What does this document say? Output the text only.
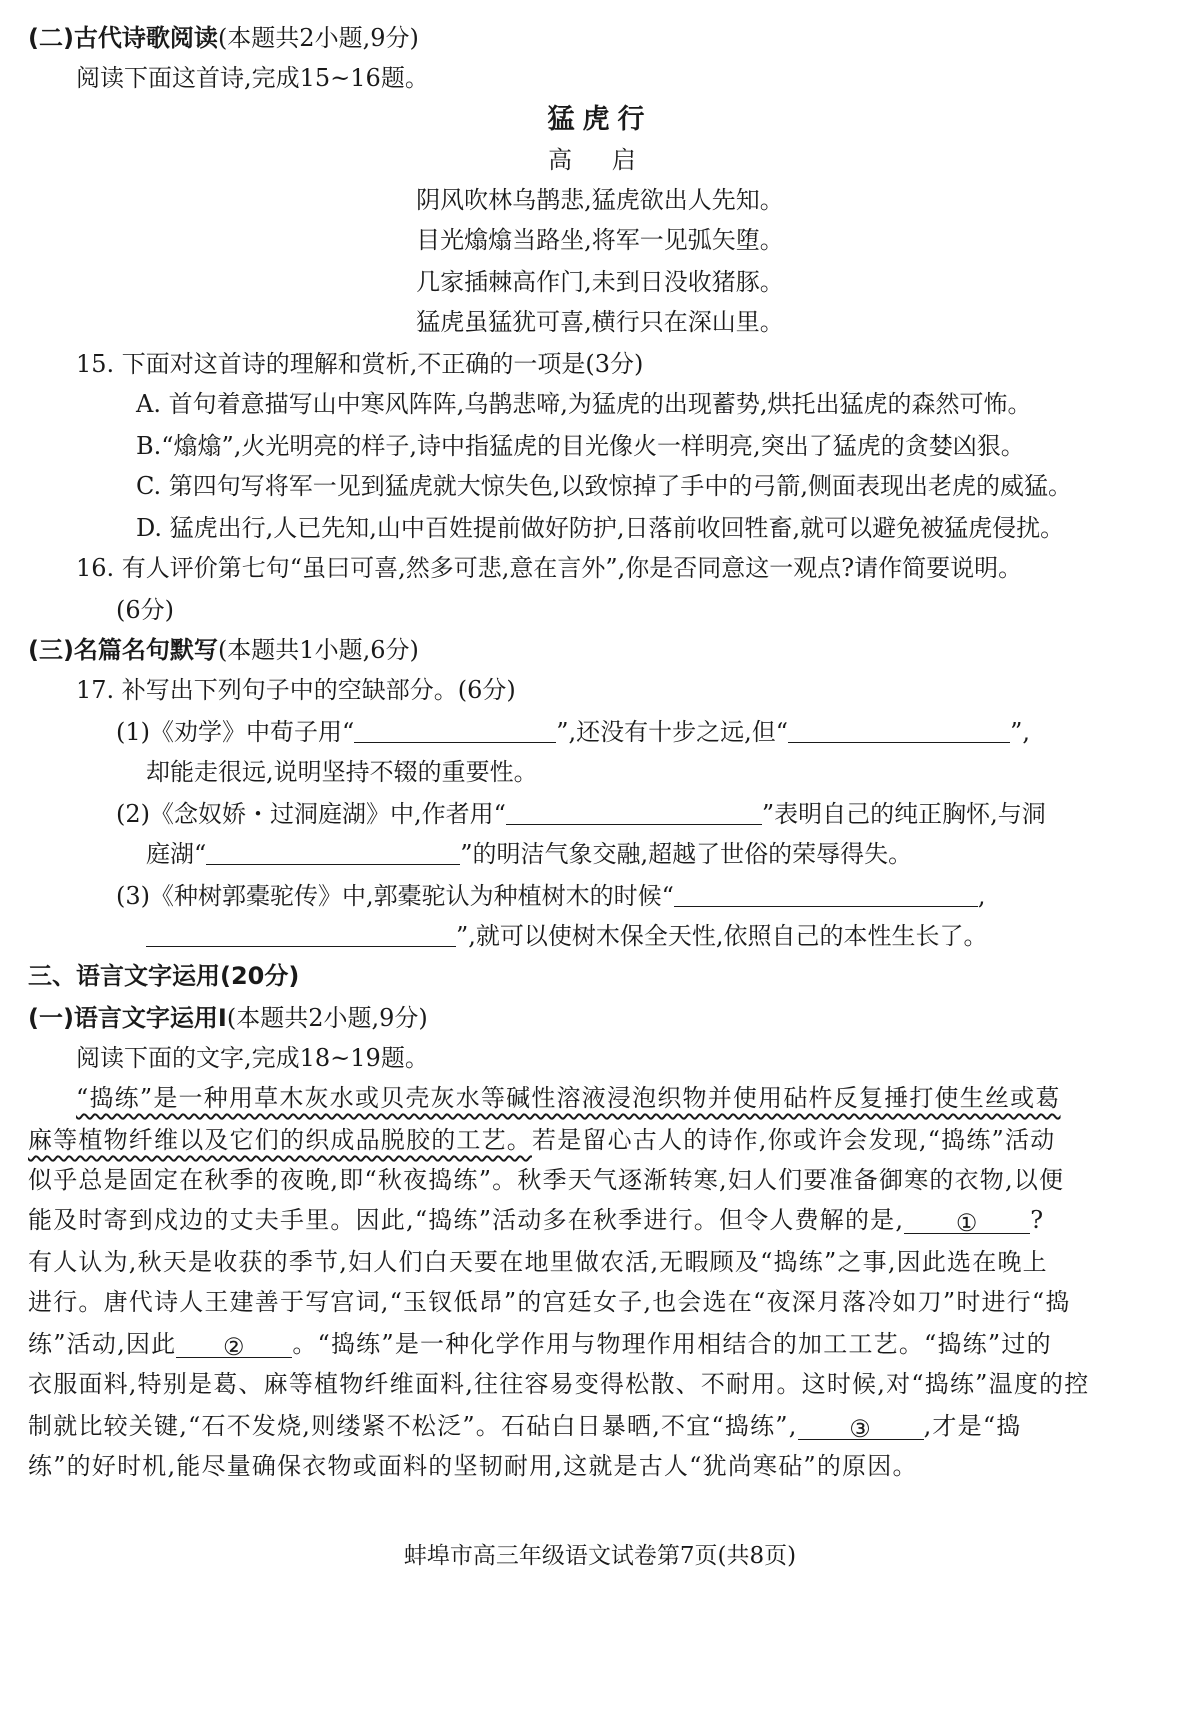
(二)古代诗歌阅读(本题共2小题,9分)
阅读下面这首诗,完成15~16题。
猛虎行
高 启
阴风吹林乌鹊悲,猛虎欲出人先知。
目光熻熻当路坐,将军一见弧矢堕。
几家插棘高作门,未到日没收猪豚。
猛虎虽猛犹可喜,横行只在深山里。
15. 下面对这首诗的理解和赏析,不正确的一项是(3分)
A. 首句着意描写山中寒风阵阵,乌鹊悲啼,为猛虎的出现蓄势,烘托出猛虎的森然可怖。
B.“熻熻”,火光明亮的样子,诗中指猛虎的目光像火一样明亮,突出了猛虎的贪婪凶狠。
C. 第四句写将军一见到猛虎就大惊失色,以致惊掉了手中的弓箭,侧面表现出老虎的威猛。
D. 猛虎出行,人已先知,山中百姓提前做好防护,日落前收回牲畜,就可以避免被猛虎侵扰。
16. 有人评价第七句“虽曰可喜,然多可悲,意在言外”,你是否同意这一观点?请作简要说明。
(6分)
(三)名篇名句默写(本题共1小题,6分)
17. 补写出下列句子中的空缺部分。(6分)
(1)《劝学》中荀子用“	”,还没有十步之远,但“	”,
却能走很远,说明坚持不辍的重要性。
(2)《念奴娇・过洞庭湖》中,作者用“	”表明自己的纯正胸怀,与洞
庭湖“	”的明洁气象交融,超越了世俗的荣辱得失。
(3)《种树郭橐驼传》中,郭橐驼认为种植树木的时候“	,
”,就可以使树木保全天性,依照自己的本性生长了。
三、语言文字运用(20分)
(一)语言文字运用Ⅰ(本题共2小题,9分)
阅读下面的文字,完成18~19题。
“捣练”是一种用草木灰水或贝壳灰水等碱性溶液浸泡织物并使用砧杵反复捶打使生丝或葛
麻等植物纤维以及它们的织成品脱胶的工艺。若是留心古人的诗作,你或许会发现,“捣练”活动
似乎总是固定在秋季的夜晚,即“秋夜捣练”。秋季天气逐渐转寒,妇人们要准备御寒的衣物,以便
能及时寄到戍边的丈夫手里。因此,“捣练”活动多在秋季进行。但令人费解的是, ① ?
有人认为,秋天是收获的季节,妇人们白天要在地里做农活,无暇顾及“捣练”之事,因此选在晚上
进行。唐代诗人王建善于写宫词,“玉钗低昂”的宫廷女子,也会选在“夜深月落冷如刀”时进行“捣
练”活动,因此 ② 。“捣练”是一种化学作用与物理作用相结合的加工工艺。“捣练”过的
衣服面料,特别是葛、麻等植物纤维面料,往往容易变得松散、不耐用。这时候,对“捣练”温度的控
制就比较关键,“石不发烧,则缕紧不松泛”。石砧白日暴晒,不宜“捣练”, ③ ,才是“捣
练”的好时机,能尽量确保衣物或面料的坚韧耐用,这就是古人“犹尚寒砧”的原因。
蚌埠市高三年级语文试卷第7页(共8页)
